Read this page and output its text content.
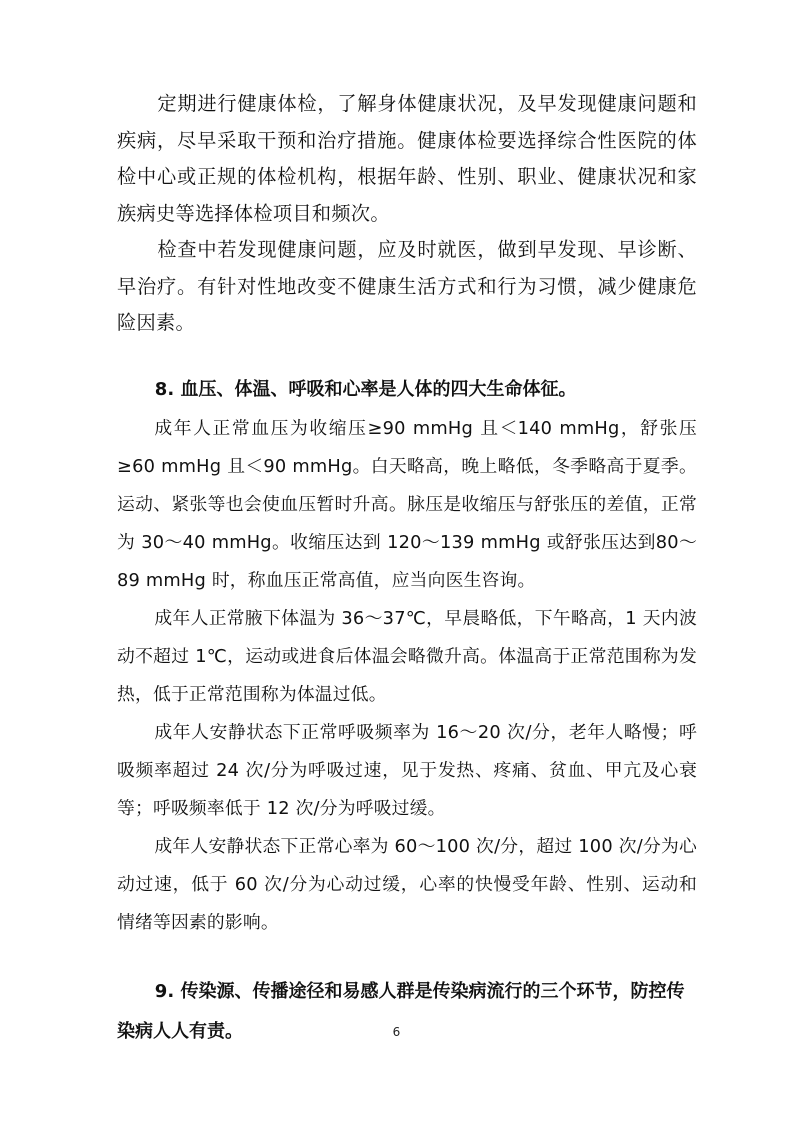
定期进行健康体检，了解身体健康状况，及早发现健康问题和疾病，尽早采取干预和治疗措施。健康体检要选择综合性医院的体检中心或正规的体检机构，根据年龄、性别、职业、健康状况和家族病史等选择体检项目和频次。

检查中若发现健康问题，应及时就医，做到早发现、早诊断、早治疗。有针对性地改变不健康生活方式和行为习惯，减少健康危险因素。

8. 血压、体温、呼吸和心率是人体的四大生命体征。

成年人正常血压为收缩压≥90 mmHg 且＜140 mmHg，舒张压≥60 mmHg 且＜90 mmHg。白天略高，晚上略低，冬季略高于夏季。运动、紧张等也会使血压暂时升高。脉压是收缩压与舒张压的差值，正常为 30～40 mmHg。收缩压达到 120～139 mmHg 或舒张压达到80～89 mmHg 时，称血压正常高值，应当向医生咨询。

成年人正常腋下体温为 36～37℃，早晨略低，下午略高，1 天内波动不超过 1℃，运动或进食后体温会略微升高。体温高于正常范围称为发热，低于正常范围称为体温过低。

成年人安静状态下正常呼吸频率为 16～20 次/分，老年人略慢；呼吸频率超过 24 次/分为呼吸过速，见于发热、疼痛、贫血、甲亢及心衰等；呼吸频率低于 12 次/分为呼吸过缓。

成年人安静状态下正常心率为 60～100 次/分，超过 100 次/分为心动过速，低于 60 次/分为心动过缓，心率的快慢受年龄、性别、运动和情绪等因素的影响。

9. 传染源、传播途径和易感人群是传染病流行的三个环节，防控传染病人人有责。	6
